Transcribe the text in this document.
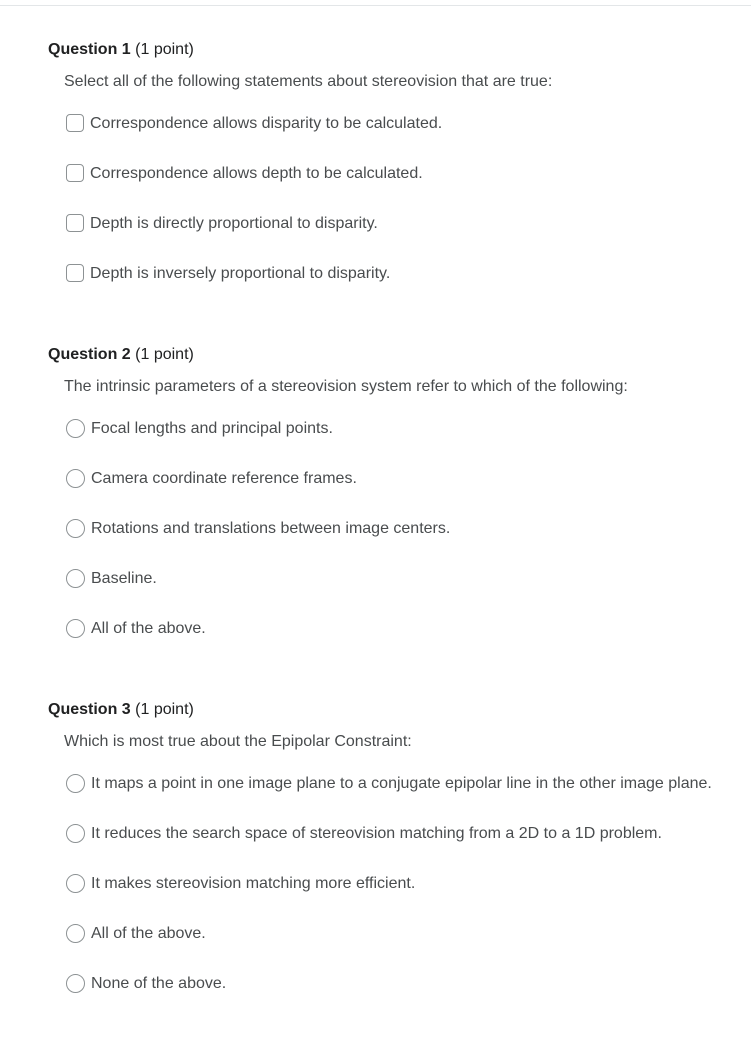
Question 1 (1 point)
Select all of the following statements about stereovision that are true:
Correspondence allows disparity to be calculated.
Correspondence allows depth to be calculated.
Depth is directly proportional to disparity.
Depth is inversely proportional to disparity.
Question 2 (1 point)
The intrinsic parameters of a stereovision system refer to which of the following:
Focal lengths and principal points.
Camera coordinate reference frames.
Rotations and translations between image centers.
Baseline.
All of the above.
Question 3 (1 point)
Which is most true about the Epipolar Constraint:
It maps a point in one image plane to a conjugate epipolar line in the other image plane.
It reduces the search space of stereovision matching from a 2D to a 1D problem.
It makes stereovision matching more efficient.
All of the above.
None of the above.
